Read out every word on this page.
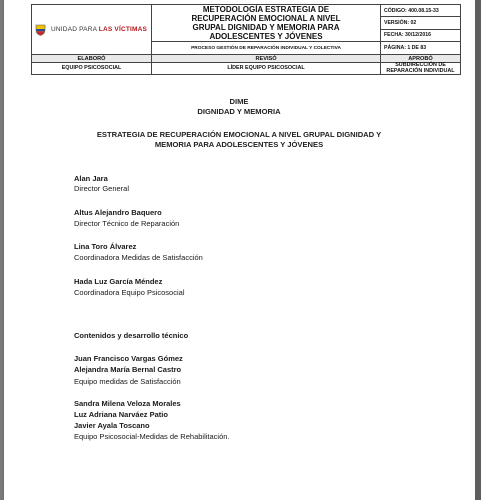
UNIDAD PARA LAS VÍCTIMAS	METODOLOGÍA ESTRATEGIA DE
RECUPERACIÓN EMOCIONAL A NIVEL
GRUPAL DIGNIDAD Y MEMORIA PARA
ADOLESCENTES Y JÓVENES	CÓDIGO: 400.08.15-33
		VERSIÓN: 02
		FECHA: 30/12/2016
	PROCESO GESTIÓN DE REPARACIÓN INDIVIDUAL Y COLECTIVA	PÁGINA: 1 DE 83
ELABORÓ	REVISÓ	APROBÓ
EQUIPO PSICOSOCIAL	LÍDER EQUIPO PSICOSOCIAL	SUBDIRECCIÓN DE
REPARACIÓN INDIVIDUAL
DIME
DIGNIDAD Y MEMORIA
ESTRATEGIA DE RECUPERACIÓN EMOCIONAL A NIVEL GRUPAL DIGNIDAD Y
MEMORIA PARA ADOLESCENTES Y JÓVENES
Alan Jara
Director General
Altus Alejandro Baquero
Director Técnico de Reparación
Lina Toro Álvarez
Coordinadora Medidas de Satisfacción
Hada Luz García Méndez
Coordinadora Equipo Psicosocial
Contenidos y desarrollo técnico
Juan Francisco Vargas Gómez
Alejandra María Bernal Castro
Equipo medidas de Satisfacción
Sandra Milena Veloza Morales
Luz Adriana Narváez Patio
Javier Ayala Toscano
Equipo Psicosocial-Medidas de Rehabilitación.
